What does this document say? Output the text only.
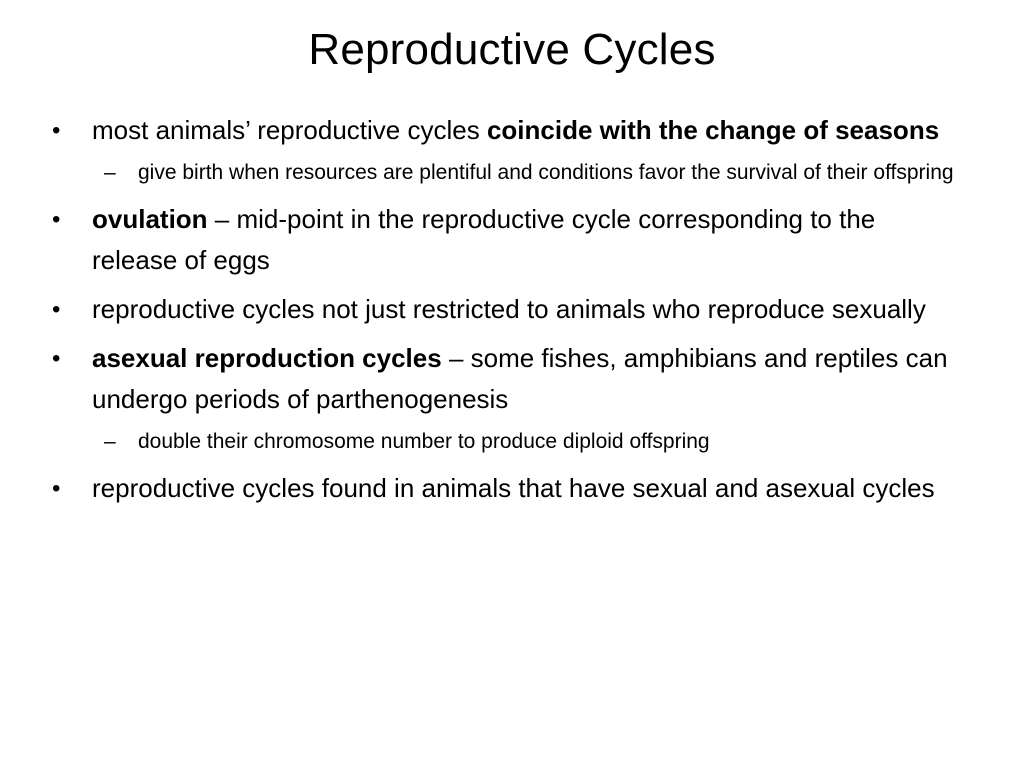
Reproductive Cycles
•	most animals’ reproductive cycles coincide with the change of seasons
–	give birth when resources are plentiful and conditions favor the survival of their offspring
•	ovulation – mid-point in the reproductive cycle corresponding to the release of eggs
•	reproductive cycles not just restricted to animals who reproduce sexually
•	asexual reproduction cycles – some fishes, amphibians and reptiles can undergo periods of parthenogenesis
–	double their chromosome number to produce diploid offspring
•	reproductive cycles found in animals that have sexual and asexual cycles
